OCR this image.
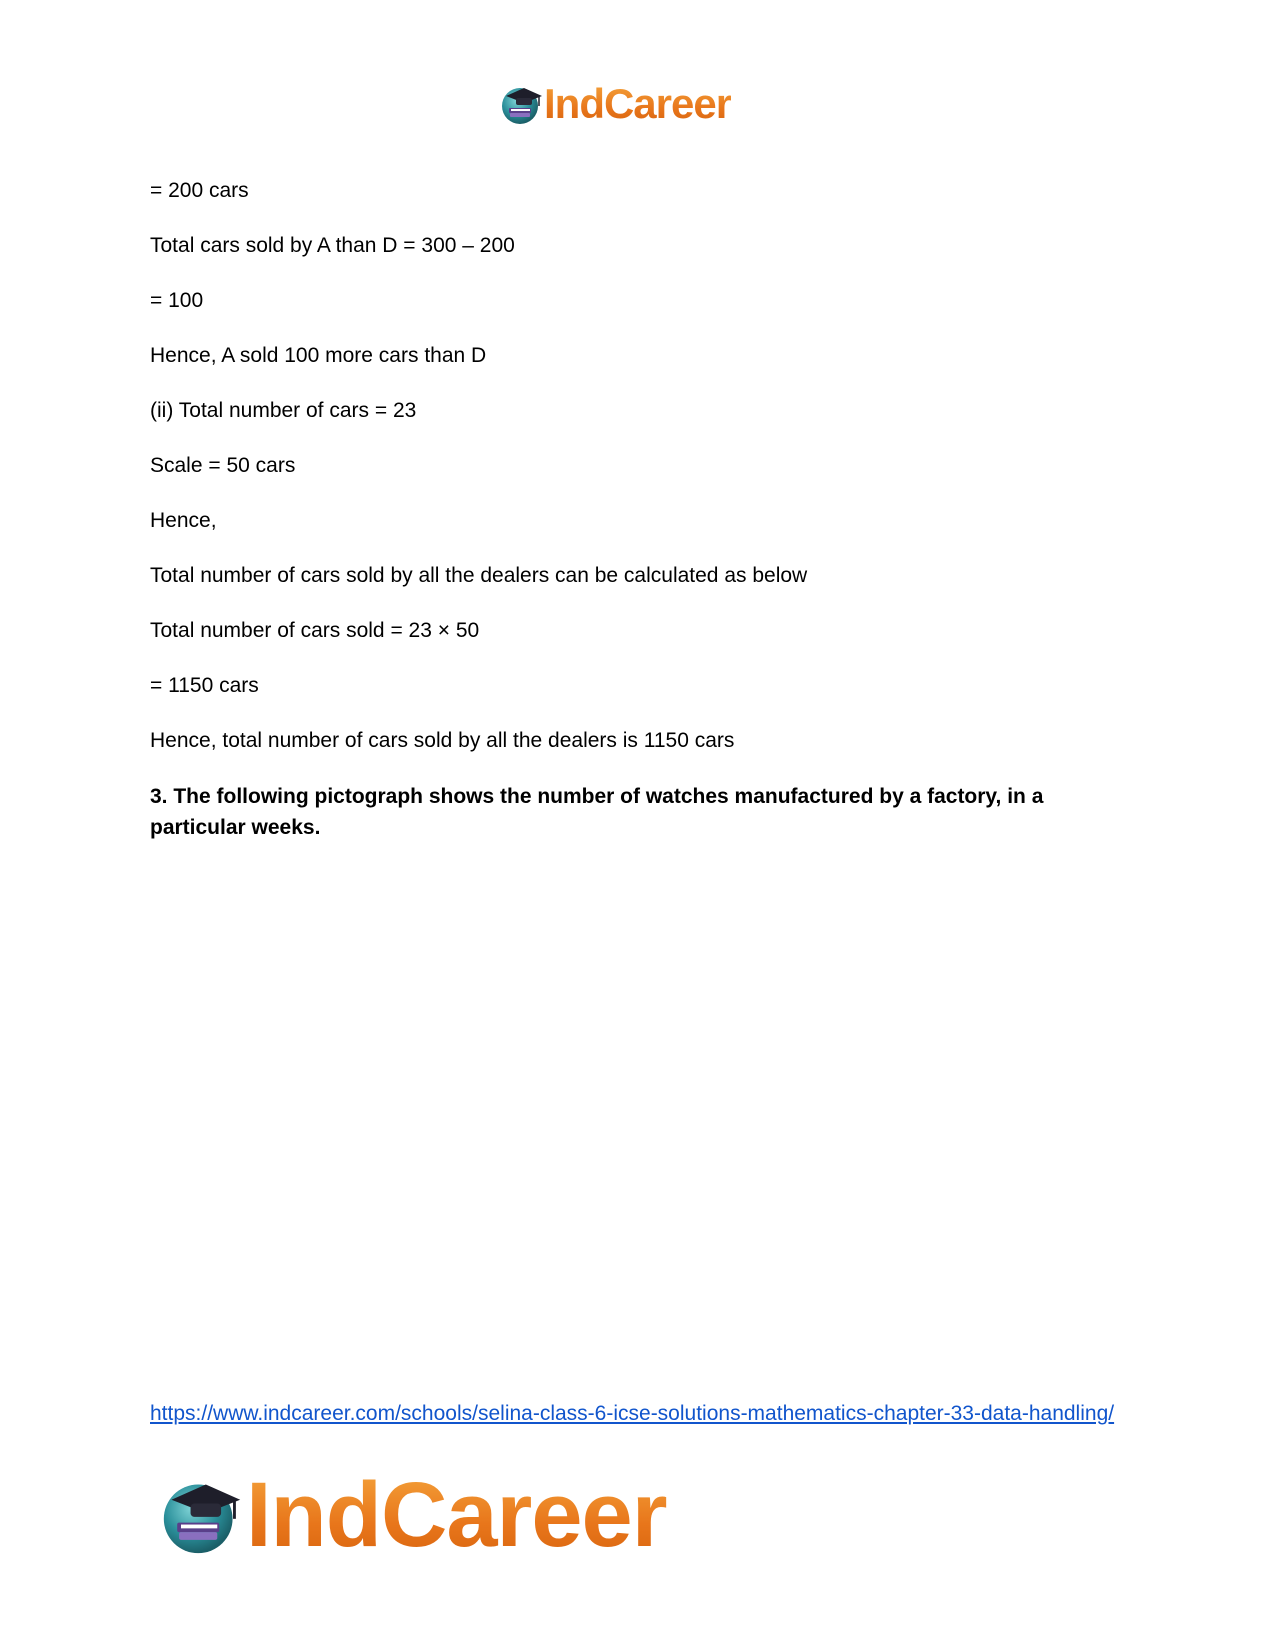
IndCareer
= 200 cars
Total cars sold by A than D = 300 – 200
= 100
Hence, A sold 100 more cars than D
(ii) Total number of cars = 23
Scale = 50 cars
Hence,
Total number of cars sold by all the dealers can be calculated as below
Total number of cars sold = 23 × 50
= 1150 cars
Hence, total number of cars sold by all the dealers is 1150 cars
3. The following pictograph shows the number of watches manufactured by a factory, in a particular weeks.
https://www.indcareer.com/schools/selina-class-6-icse-solutions-mathematics-chapter-33-data-handling/
IndCareer
